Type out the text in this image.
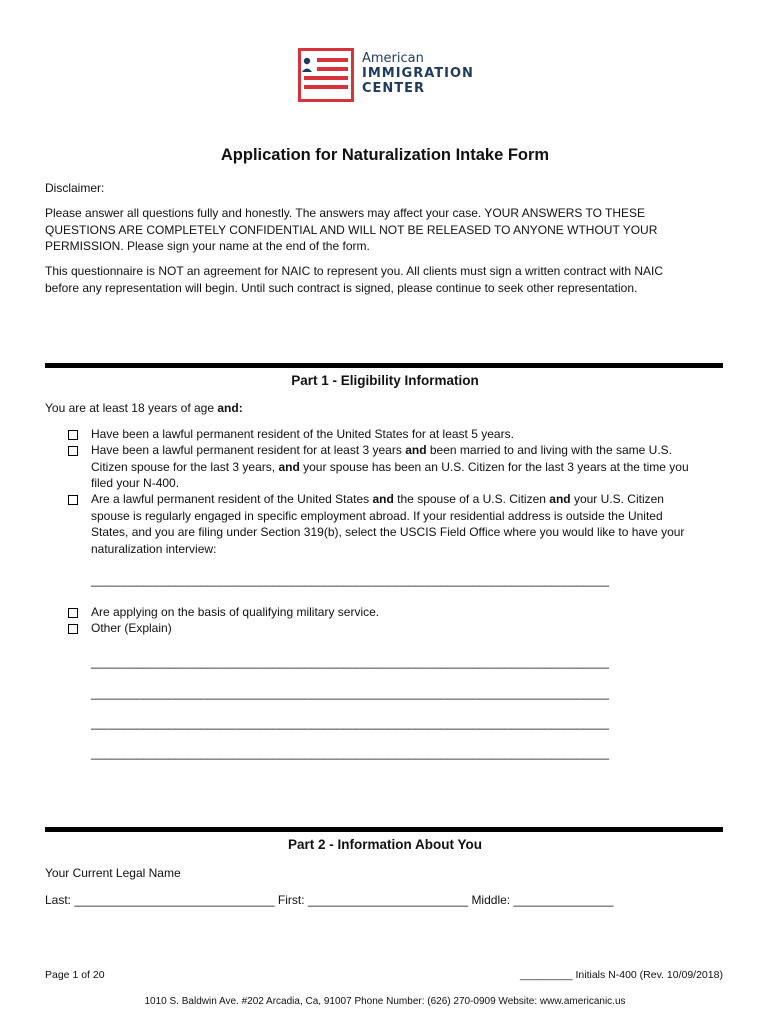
American
IMMIGRATION
CENTER
Application for Naturalization Intake Form
Disclaimer:
Please answer all questions fully and honestly. The answers may affect your case. YOUR ANSWERS TO THESE
QUESTIONS ARE COMPLETELY CONFIDENTIAL AND WILL NOT BE RELEASED TO ANYONE WTHOUT YOUR
PERMISSION. Please sign your name at the end of the form.
This questionnaire is NOT an agreement for NAIC to represent you. All clients must sign a written contract with NAIC
before any representation will begin. Until such contract is signed, please continue to seek other representation.
Part 1 - Eligibility Information
You are at least 18 years of age and:
Have been a lawful permanent resident of the United States for at least 5 years.
Have been a lawful permanent resident for at least 3 years and been married to and living with the same U.S.
Citizen spouse for the last 3 years, and your spouse has been an U.S. Citizen for the last 3 years at the time you
filed your N-400.
Are a lawful permanent resident of the United States and the spouse of a U.S. Citizen and your U.S. Citizen
spouse is regularly engaged in specific employment abroad. If your residential address is outside the United
States, and you are filing under Section 319(b), select the USCIS Field Office where you would like to have your
naturalization interview:
________________________________________________________________________________
Are applying on the basis of qualifying military service.
Other (Explain)
________________________________________________________________________________
________________________________________________________________________________
________________________________________________________________________________
________________________________________________________________________________
Part 2 - Information About You
Your Current Legal Name
Last: ______________________________ First: ________________________ Middle: _______________
Page 1 of 20	_________ Initials N-400 (Rev. 10/09/2018)
1010 S. Baldwin Ave. #202 Arcadia, Ca, 91007 Phone Number: (626) 270-0909 Website: www.americanic.us
